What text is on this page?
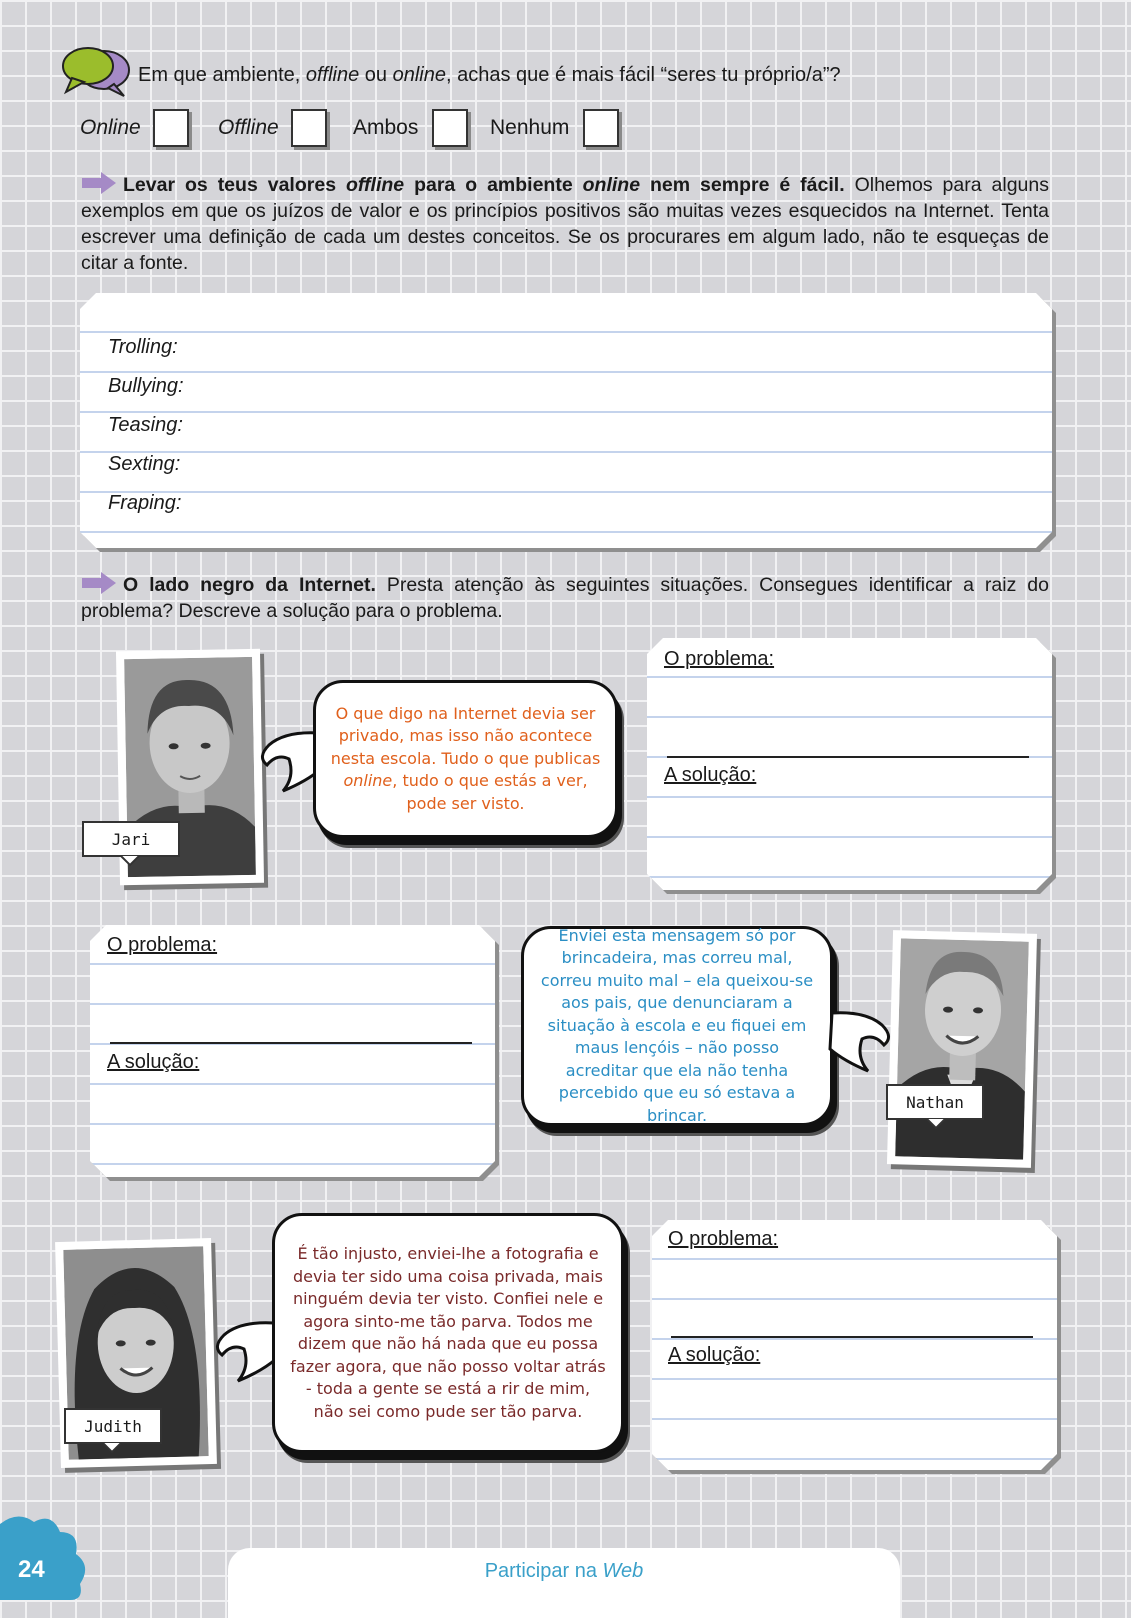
Em que ambiente, offline ou online, achas que é mais fácil “seres tu próprio/a”?
Online	Offline	Ambos	Nenhum
Levar os teus valores offline para o ambiente online nem sempre é fácil. Olhemos para alguns exemplos em que os juízos de valor e os princípios positivos são muitas vezes esquecidos na Internet. Tenta escrever uma definição de cada um destes conceitos. Se os procurares em algum lado, não te esqueças de citar a fonte.
Trolling:
Bullying:
Teasing:
Sexting:
Fraping:
O lado negro da Internet. Presta atenção às seguintes situações. Consegues identificar a raiz do problema? Descreve a solução para o problema.
Jari
O que digo na Internet devia ser privado, mas isso não acontece nesta escola. Tudo o que publicas online, tudo o que estás a ver, pode ser visto.
O problema:
A solução:
O problema:
A solução:
Enviei esta mensagem só por brincadeira, mas correu mal, correu muito mal – ela queixou-se aos pais, que denunciaram a situação à escola e eu fiquei em maus lençóis – não posso acreditar que ela não tenha percebido que eu só estava a brincar.
Nathan
Judith
É tão injusto, enviei-lhe a fotografia e devia ter sido uma coisa privada, mais ninguém devia ter visto. Confiei nele e agora sinto-me tão parva. Todos me dizem que não há nada que eu possa fazer agora, que não posso voltar atrás - toda a gente se está a rir de mim, não sei como pude ser tão parva.
O problema:
A solução:
24	Participar na Web
